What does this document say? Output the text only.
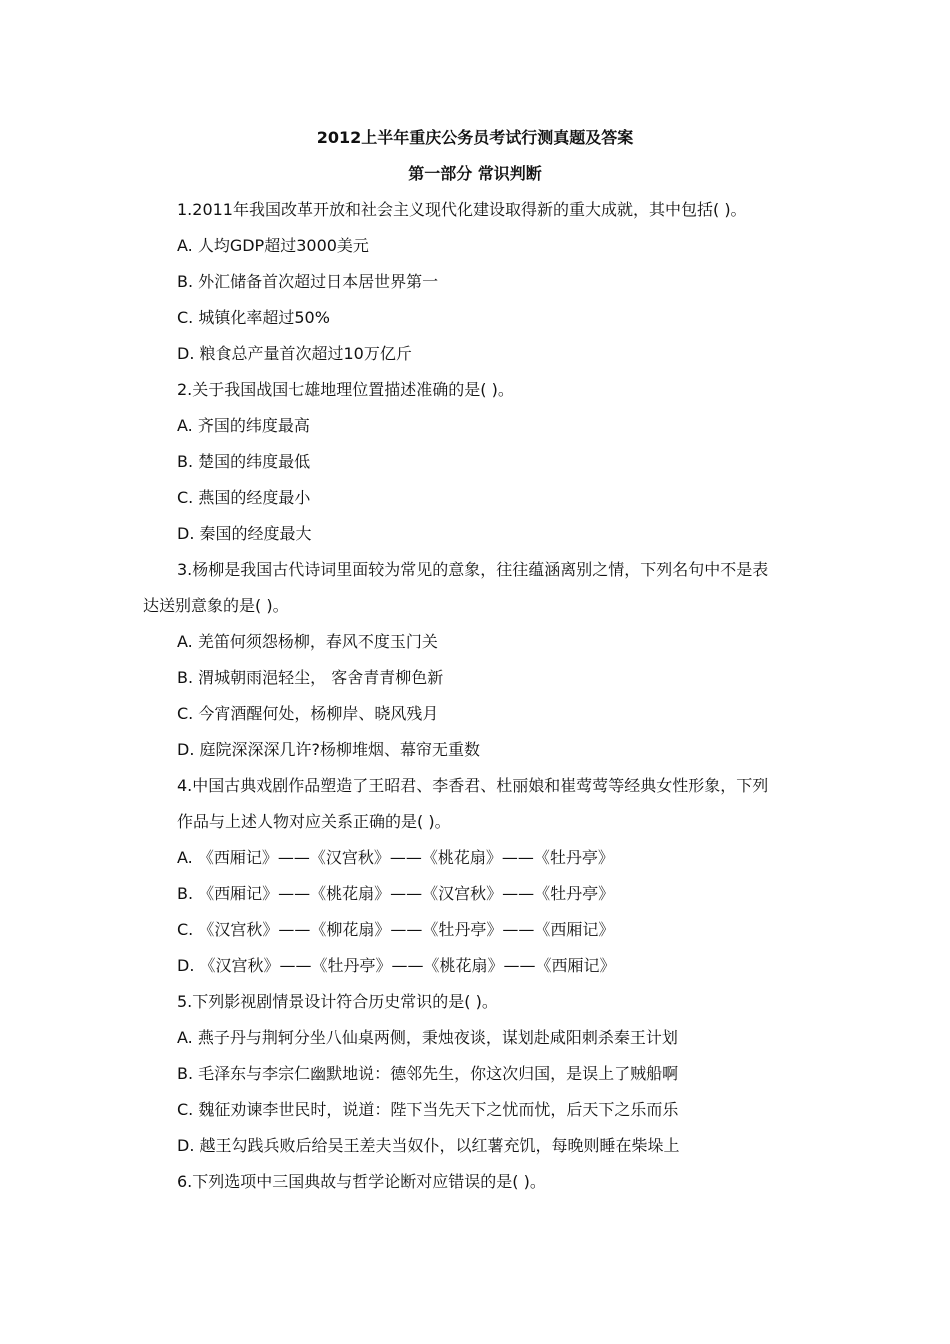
2012上半年重庆公务员考试行测真题及答案
第一部分 常识判断
1.2011年我国改革开放和社会主义现代化建设取得新的重大成就，其中包括( )。
A. 人均GDP超过3000美元
B. 外汇储备首次超过日本居世界第一
C. 城镇化率超过50%
D. 粮食总产量首次超过10万亿斤
2.关于我国战国七雄地理位置描述准确的是( )。
A. 齐国的纬度最高
B. 楚国的纬度最低
C. 燕国的经度最小
D. 秦国的经度最大
3.杨柳是我国古代诗词里面较为常见的意象，往往蕴涵离别之情，下列名句中不是表
达送别意象的是( )。
A. 羌笛何须怨杨柳，春风不度玉门关
B. 渭城朝雨浥轻尘， 客舍青青柳色新
C. 今宵酒醒何处，杨柳岸、晓风残月
D. 庭院深深深几许?杨柳堆烟、幕帘无重数
4.中国古典戏剧作品塑造了王昭君、李香君、杜丽娘和崔莺莺等经典女性形象，下列
作品与上述人物对应关系正确的是( )。
A. 《西厢记》——《汉宫秋》——《桃花扇》——《牡丹亭》
B. 《西厢记》——《桃花扇》——《汉宫秋》——《牡丹亭》
C. 《汉宫秋》——《柳花扇》——《牡丹亭》——《西厢记》
D. 《汉宫秋》——《牡丹亭》——《桃花扇》——《西厢记》
5.下列影视剧情景设计符合历史常识的是( )。
A. 燕子丹与荆轲分坐八仙桌两侧，秉烛夜谈，谋划赴咸阳刺杀秦王计划
B. 毛泽东与李宗仁幽默地说：德邻先生，你这次归国，是误上了贼船啊
C. 魏征劝谏李世民时，说道：陛下当先天下之忧而忧，后天下之乐而乐
D. 越王勾践兵败后给吴王差夫当奴仆，以红薯充饥，每晚则睡在柴垛上
6.下列选项中三国典故与哲学论断对应错误的是( )。
